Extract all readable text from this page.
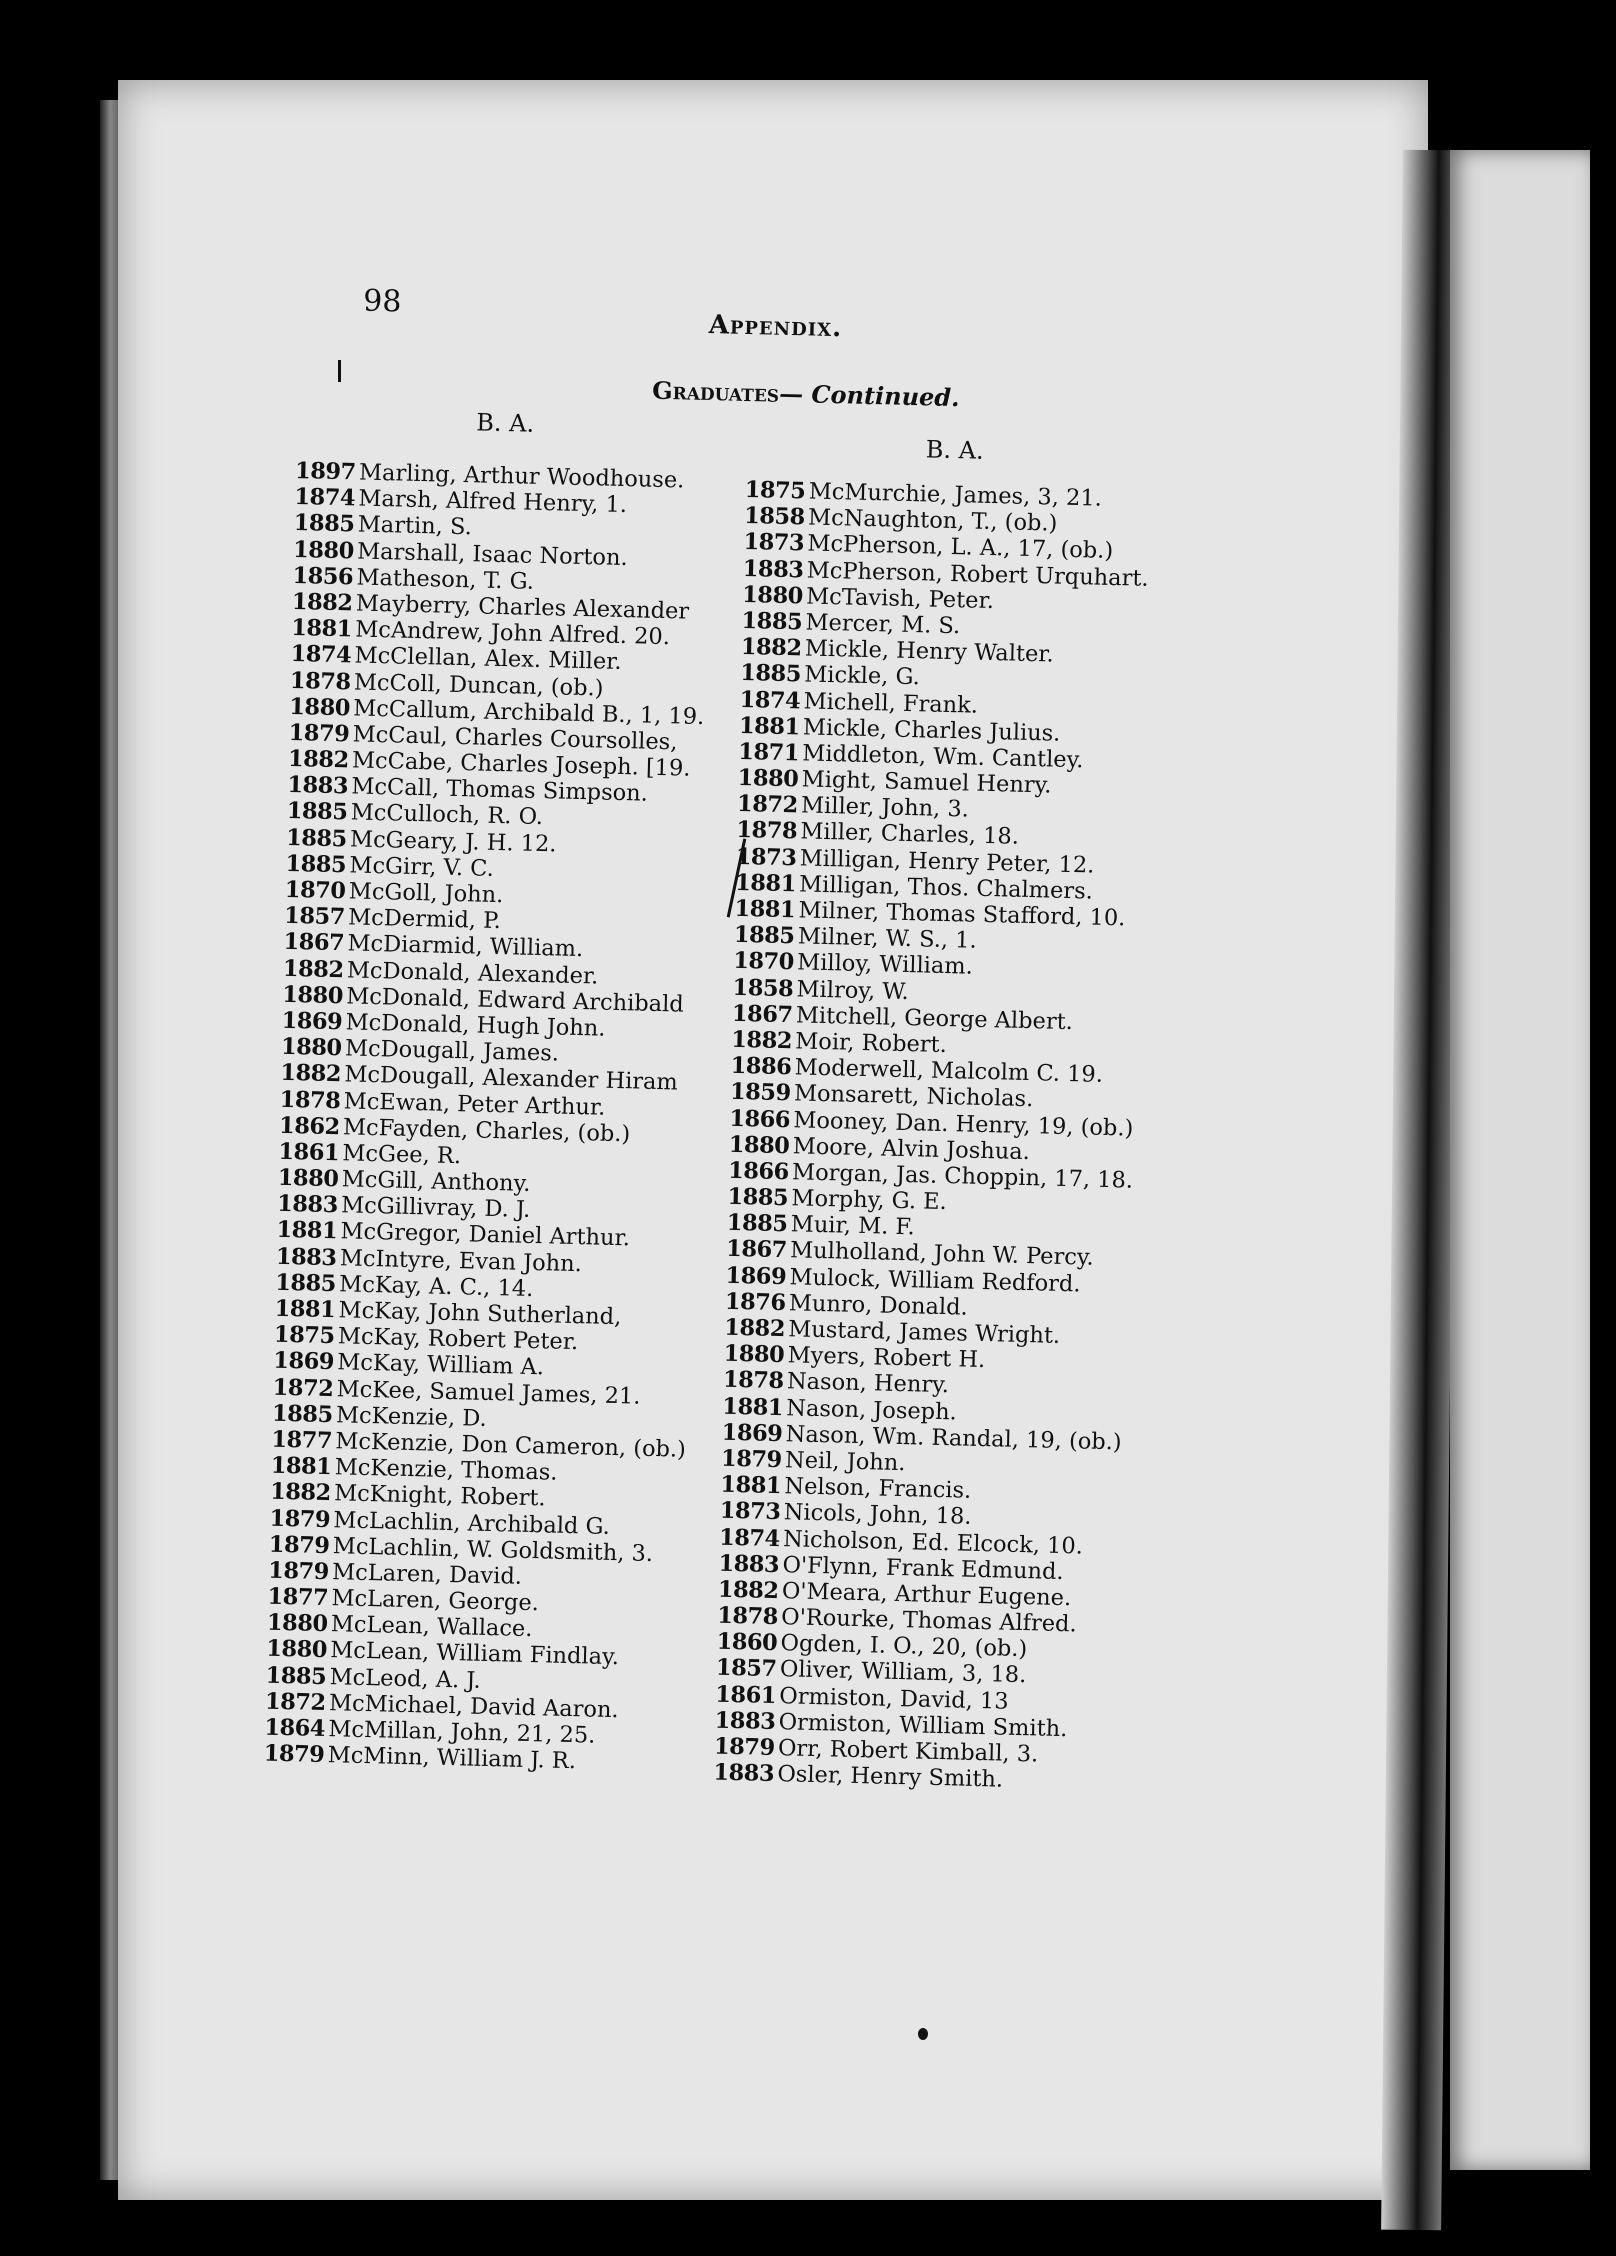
98
Appendix.
Graduates— Continued.
B. A.
B. A.
1897 Marling, Arthur Woodhouse.
1874 Marsh, Alfred Henry, 1.
1885 Martin, S.
1880 Marshall, Isaac Norton.
1856 Matheson, T. G.
1882 Mayberry, Charles Alexander
1881 McAndrew, John Alfred. 20.
1874 McClellan, Alex. Miller.
1878 McColl, Duncan, (ob.)
1880 McCallum, Archibald B., 1, 19.
1879 McCaul, Charles Coursolles,
1882 McCabe, Charles Joseph. [19.
1883 McCall, Thomas Simpson.
1885 McCulloch, R. O.
1885 McGeary, J. H. 12.
1885 McGirr, V. C.
1870 McGoll, John.
1857 McDermid, P.
1867 McDiarmid, William.
1882 McDonald, Alexander.
1880 McDonald, Edward Archibald
1869 McDonald, Hugh John.
1880 McDougall, James.
1882 McDougall, Alexander Hiram
1878 McEwan, Peter Arthur.
1862 McFayden, Charles, (ob.)
1861 McGee, R.
1880 McGill, Anthony.
1883 McGillivray, D. J.
1881 McGregor, Daniel Arthur.
1883 McIntyre, Evan John.
1885 McKay, A. C., 14.
1881 McKay, John Sutherland,
1875 McKay, Robert Peter.
1869 McKay, William A.
1872 McKee, Samuel James, 21.
1885 McKenzie, D.
1877 McKenzie, Don Cameron, (ob.)
1881 McKenzie, Thomas.
1882 McKnight, Robert.
1879 McLachlin, Archibald G.
1879 McLachlin, W. Goldsmith, 3.
1879 McLaren, David.
1877 McLaren, George.
1880 McLean, Wallace.
1880 McLean, William Findlay.
1885 McLeod, A. J.
1872 McMichael, David Aaron.
1864 McMillan, John, 21, 25.
1879 McMinn, William J. R.
1875 McMurchie, James, 3, 21.
1858 McNaughton, T., (ob.)
1873 McPherson, L. A., 17, (ob.)
1883 McPherson, Robert Urquhart.
1880 McTavish, Peter.
1885 Mercer, M. S.
1882 Mickle, Henry Walter.
1885 Mickle, G.
1874 Michell, Frank.
1881 Mickle, Charles Julius.
1871 Middleton, Wm. Cantley.
1880 Might, Samuel Henry.
1872 Miller, John, 3.
1878 Miller, Charles, 18.
1873 Milligan, Henry Peter, 12.
1881 Milligan, Thos. Chalmers.
1881 Milner, Thomas Stafford, 10.
1885 Milner, W. S., 1.
1870 Milloy, William.
1858 Milroy, W.
1867 Mitchell, George Albert.
1882 Moir, Robert.
1886 Moderwell, Malcolm C. 19.
1859 Monsarett, Nicholas.
1866 Mooney, Dan. Henry, 19, (ob.)
1880 Moore, Alvin Joshua.
1866 Morgan, Jas. Choppin, 17, 18.
1885 Morphy, G. E.
1885 Muir, M. F.
1867 Mulholland, John W. Percy.
1869 Mulock, William Redford.
1876 Munro, Donald.
1882 Mustard, James Wright.
1880 Myers, Robert H.
1878 Nason, Henry.
1881 Nason, Joseph.
1869 Nason, Wm. Randal, 19, (ob.)
1879 Neil, John.
1881 Nelson, Francis.
1873 Nicols, John, 18.
1874 Nicholson, Ed. Elcock, 10.
1883 O'Flynn, Frank Edmund.
1882 O'Meara, Arthur Eugene.
1878 O'Rourke, Thomas Alfred.
1860 Ogden, I. O., 20, (ob.)
1857 Oliver, William, 3, 18.
1861 Ormiston, David, 13
1883 Ormiston, William Smith.
1879 Orr, Robert Kimball, 3.
1883 Osler, Henry Smith.
